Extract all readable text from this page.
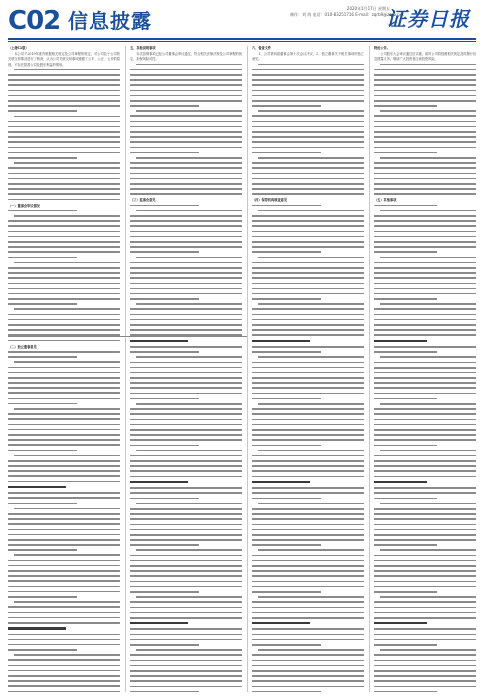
C02 信息披露
2020年1月17日 星期五
制作：刘 海 电话：010-83251716 E-mail：zqrb9@zqrb.net
证券日报

（上接C1版）

本公司于2019年度内根据相关规定及公司章程的规定，对公司及子公司的关联交易情况进行了核查，认为公司关联交易事项遵循了公平、公正、公开的原则，不存在损害公司及股东利益的情形。

（一）董事会审议情况

（二）独立董事意见

五、其他说明事项

本次担保事项已经公司董事会审议通过，符合相关法律法规及公司章程的规定，担保风险可控。

（三）监事会意见

六、备查文件

1、公司第四届董事会第十次会议决议；2、独立董事关于相关事项的独立意见。

（四）保荐机构核查意见

特此公告。

公司股东大会审议通过后实施，届时公司将按照相关规定及时履行信息披露义务，敬请广大投资者注意投资风险。

（五）其他事项
